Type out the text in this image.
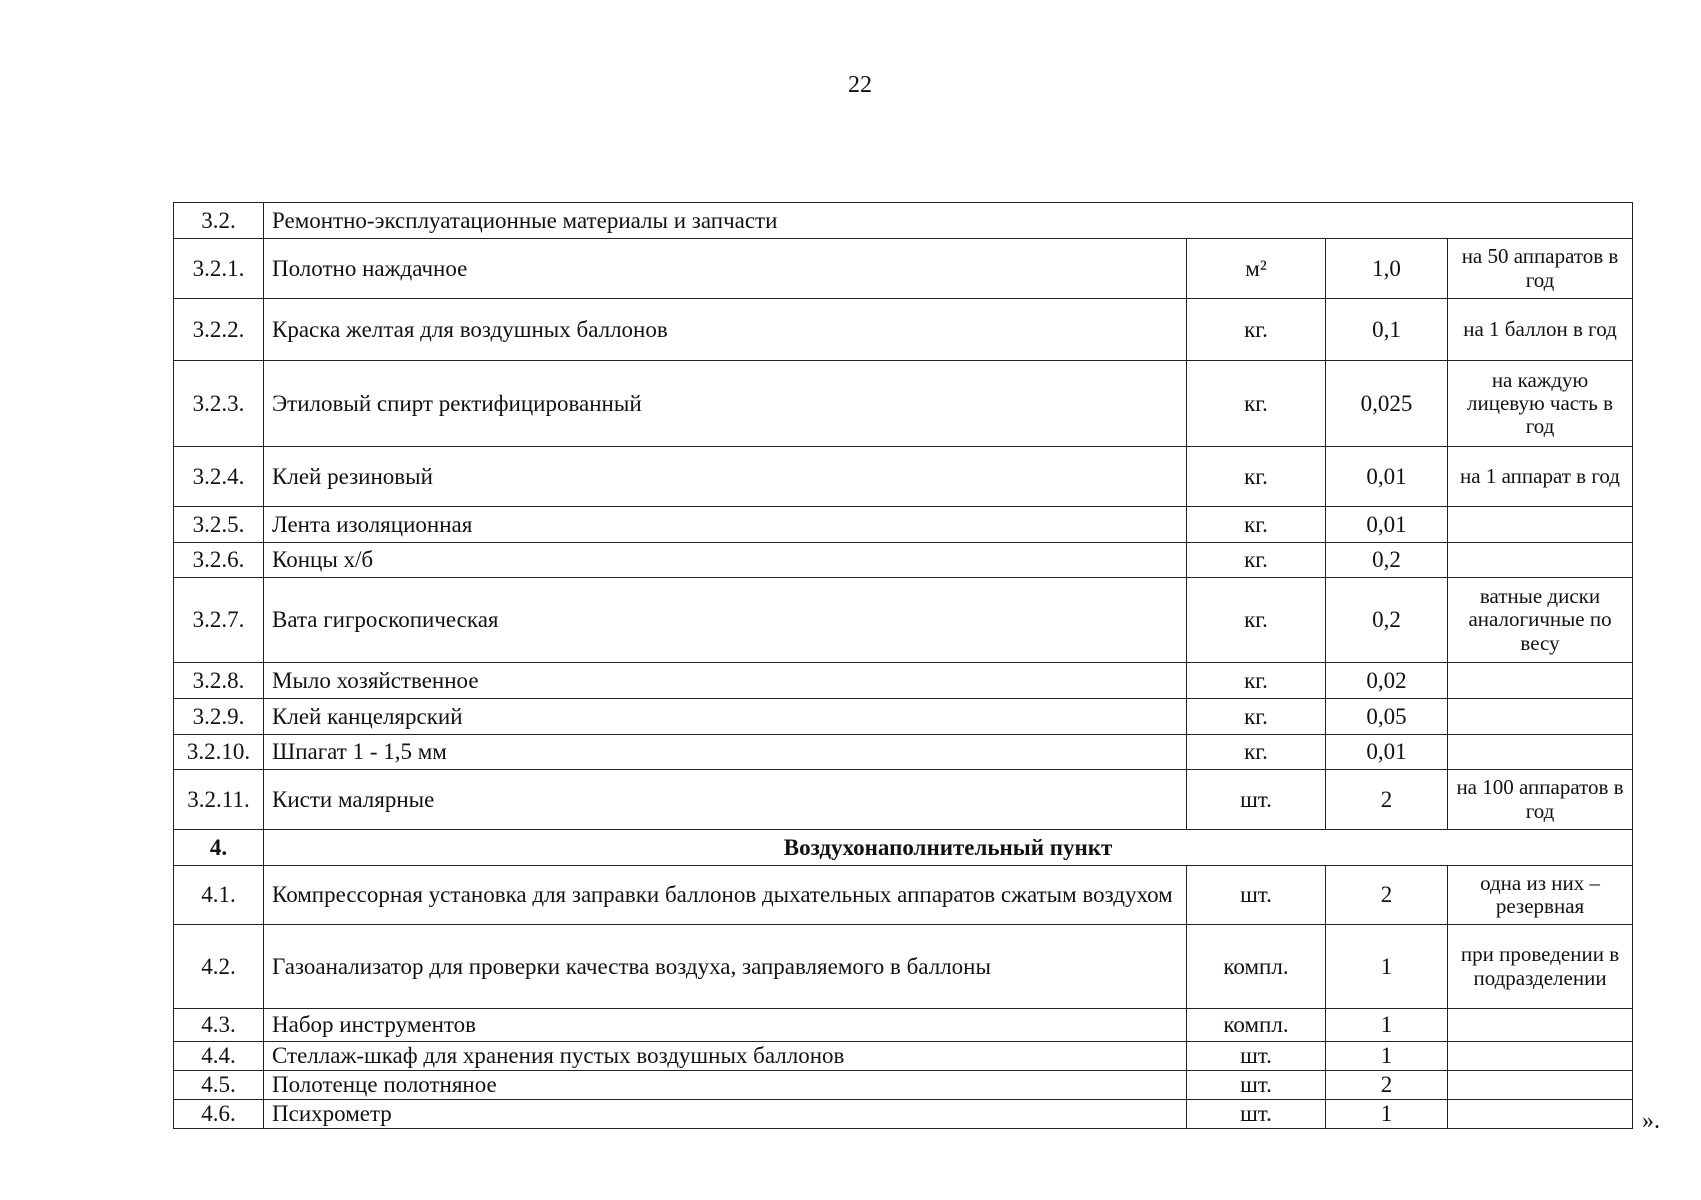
22
3.2.	Ремонтно-эксплуатационные материалы и запчасти			
3.2.1.	Полотно наждачное	м²	1,0	на 50 аппаратов в год
3.2.2.	Краска желтая для воздушных баллонов	кг.	0,1	на 1 баллон в год
3.2.3.	Этиловый спирт ректифицированный	кг.	0,025	на каждую лицевую часть в год
3.2.4.	Клей резиновый	кг.	0,01	на 1 аппарат в год
3.2.5.	Лента изоляционная	кг.	0,01	
3.2.6.	Концы х/б	кг.	0,2	
3.2.7.	Вата гигроскопическая	кг.	0,2	ватные диски аналогичные по весу
3.2.8.	Мыло хозяйственное	кг.	0,02	
3.2.9.	Клей канцелярский	кг.	0,05	
3.2.10.	Шпагат 1 - 1,5 мм	кг.	0,01	
3.2.11.	Кисти малярные	шт.	2	на 100 аппаратов в год
4.	Воздухонаполнительный пункт			
4.1.	Компрессорная установка для заправки баллонов дыхательных аппаратов сжатым воздухом	шт.	2	одна из них – резервная
4.2.	Газоанализатор для проверки качества воздуха, заправляемого в баллоны	компл.	1	при проведении в подразделении
4.3.	Набор инструментов	компл.	1	
4.4.	Стеллаж-шкаф для хранения пустых воздушных баллонов	шт.	1	
4.5.	Полотенце полотняное	шт.	2	
4.6.	Психрометр	шт.	1		».
